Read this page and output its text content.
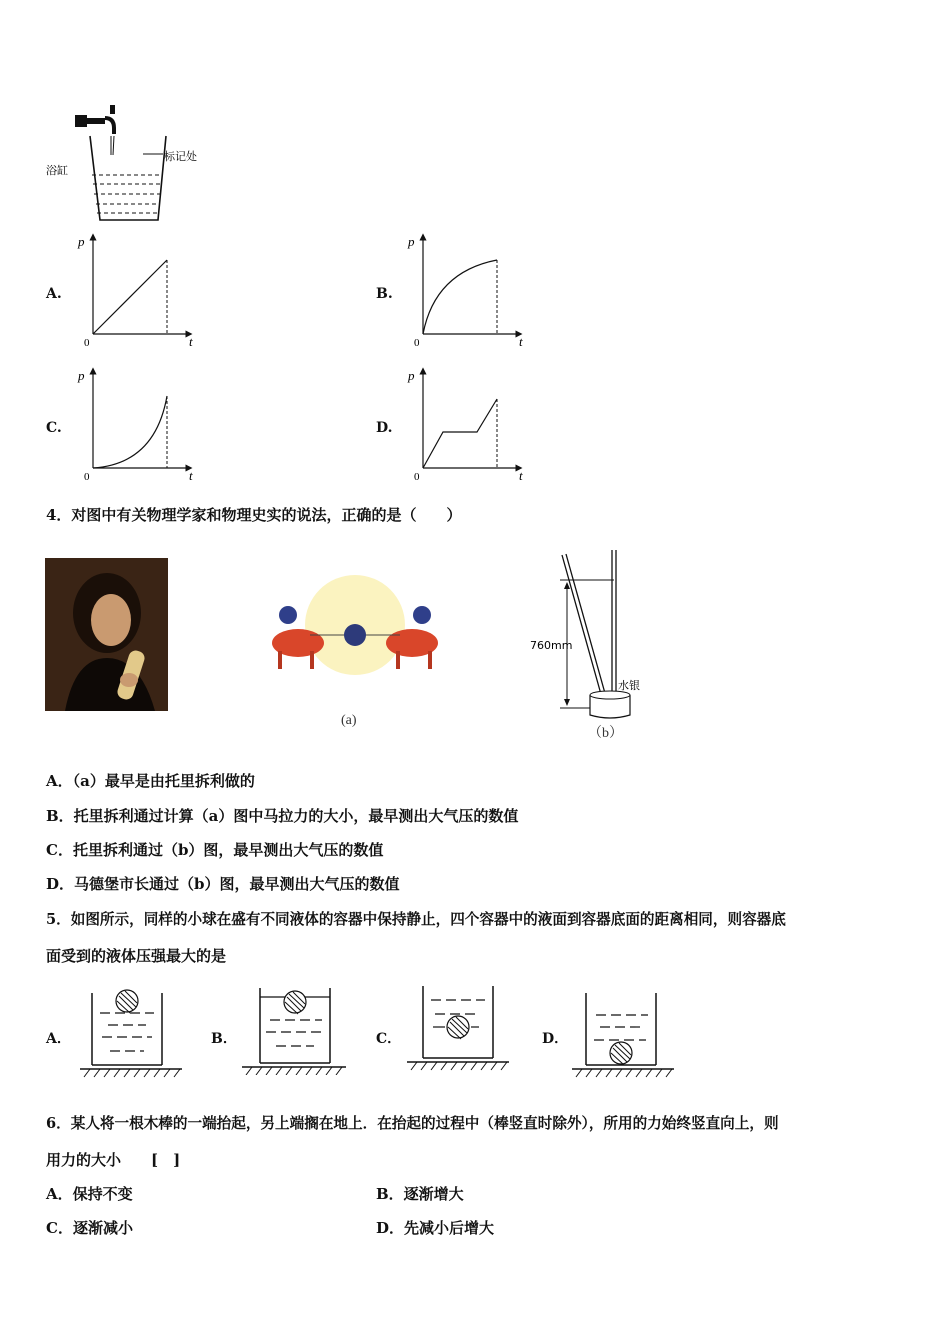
标记处
浴缸
A.
p
t
0
B.
p
t
0
C.
p
t
0
D.
p
t
0
4．对图中有关物理学家和物理史实的说法，正确的是（　　）
(a)
760mm
水银
（b）
A．（a）最早是由托里拆利做的
B．托里拆利通过计算（a）图中马拉力的大小，最早测出大气压的数值
C．托里拆利通过（b）图，最早测出大气压的数值
D．马德堡市长通过（b）图，最早测出大气压的数值
5．如图所示，同样的小球在盛有不同液体的容器中保持静止，四个容器中的液面到容器底面的距离相同，则容器底
面受到的液体压强最大的是
A．	B．	C．	D．
6．某人将一根木棒的一端抬起，另上端搁在地上．在抬起的过程中（棒竖直时除外），所用的力始终竖直向上，则
用力的大小　　[　]
A．保持不变	B．逐渐增大
C．逐渐减小	D．先减小后增大
